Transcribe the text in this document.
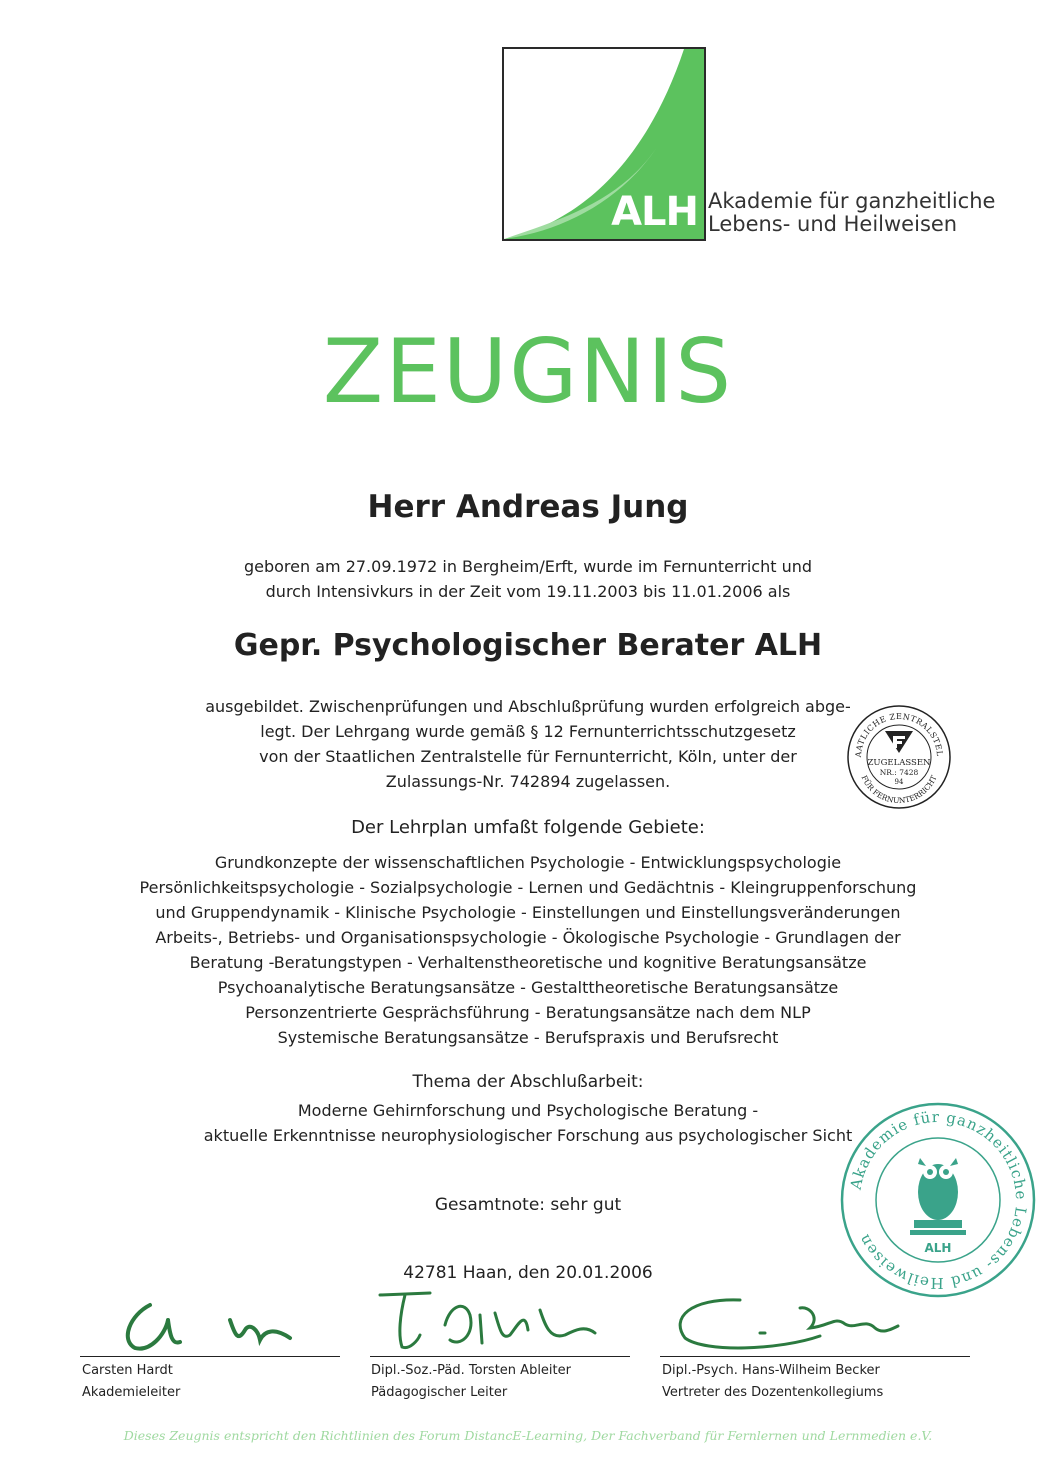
ALH Akademie für ganzheitliche
Lebens- und Heilweisen
ZEUGNIS
Herr Andreas Jung
geboren am 27.09.1972 in Bergheim/Erft, wurde im Fernunterricht und
durch Intensivkurs in der Zeit vom 19.11.2003 bis 11.01.2006 als
Gepr. Psychologischer Berater ALH
ausgebildet. Zwischenprüfungen und Abschlußprüfung wurden erfolgreich abge-
legt. Der Lehrgang wurde gemäß § 12 Fernunterrichtsschutzgesetz
von der Staatlichen Zentralstelle für Fernunterricht, Köln, unter der
Zulassungs-Nr. 742894 zugelassen.
AATLICHE ZENTRALSTEL
FÜR FERNUNTERRICHT
ZUGELASSEN
NR.: 7428
94
Der Lehrplan umfaßt folgende Gebiete:
Grundkonzepte der wissenschaftlichen Psychologie - Entwicklungspsychologie
Persönlichkeitspsychologie - Sozialpsychologie - Lernen und Gedächtnis - Kleingruppenforschung
und Gruppendynamik - Klinische Psychologie - Einstellungen und Einstellungsveränderungen
Arbeits-, Betriebs- und Organisationspsychologie - Ökologische Psychologie - Grundlagen der
Beratung -Beratungstypen - Verhaltenstheoretische und kognitive Beratungsansätze
Psychoanalytische Beratungsansätze - Gestalttheoretische Beratungsansätze
Personzentrierte Gesprächsführung - Beratungsansätze nach dem NLP
Systemische Beratungsansätze - Berufspraxis und Berufsrecht
Thema der Abschlußarbeit:
Moderne Gehirnforschung und Psychologische Beratung -
aktuelle Erkenntnisse neurophysiologischer Forschung aus psychologischer Sicht
Gesamtnote: sehr gut
Akademie für ganzheitliche Lebens- und Heilweisen	ALH
42781 Haan, den 20.01.2006
Carsten Hardt
Akademieleiter
Dipl.-Soz.-Päd. Torsten Ableiter
Pädagogischer Leiter
Dipl.-Psych. Hans-Wilheim Becker
Vertreter des Dozentenkollegiums
Dieses Zeugnis entspricht den Richtlinien des Forum DistancE-Learning, Der Fachverband für Fernlernen und Lernmedien e.V.
